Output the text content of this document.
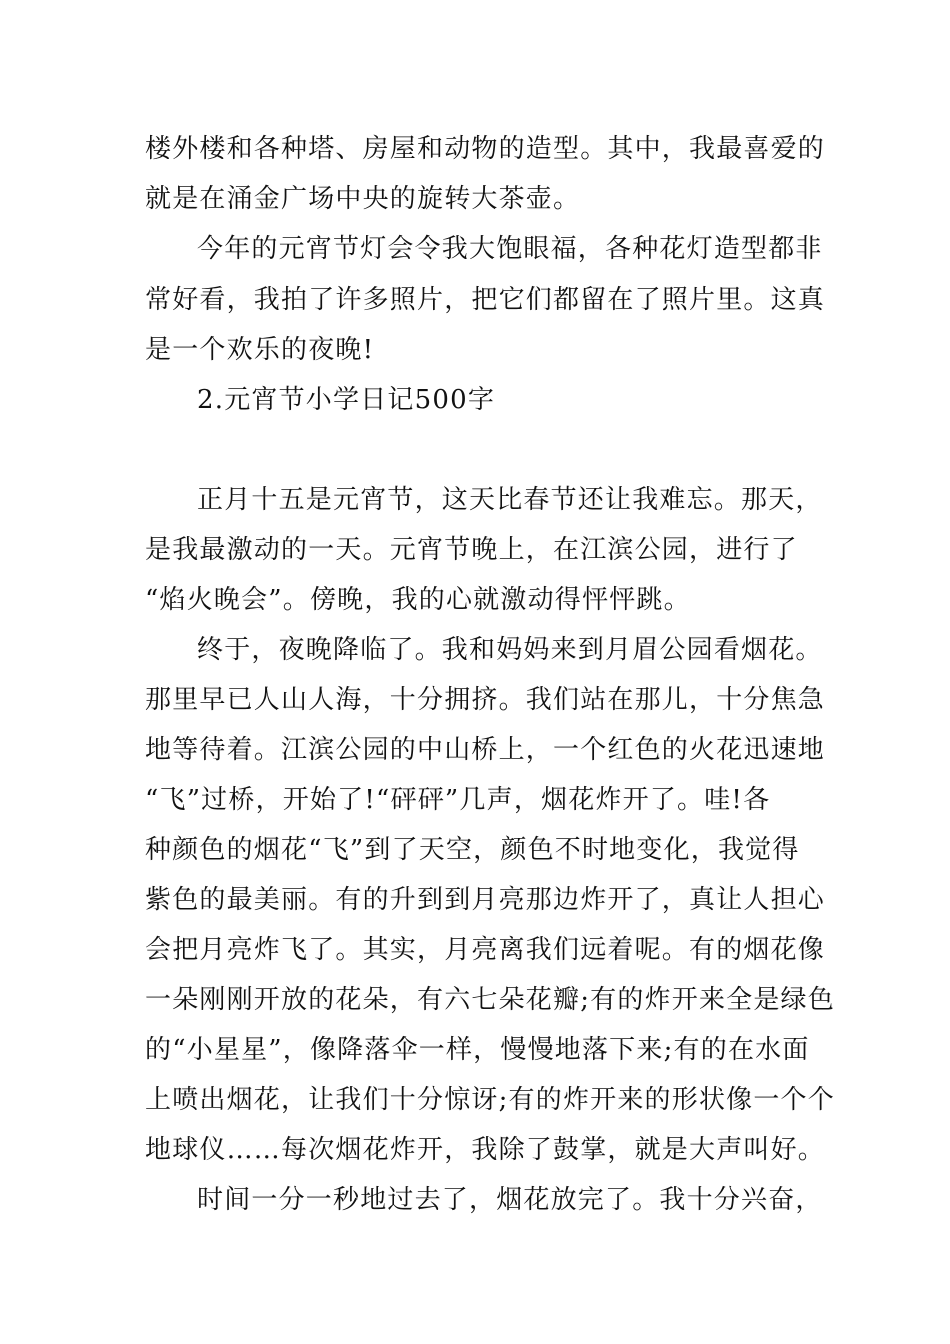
楼外楼和各种塔、房屋和动物的造型。其中，我最喜爱的
就是在涌金广场中央的旋转大茶壶。
今年的元宵节灯会令我大饱眼福，各种花灯造型都非
常好看，我拍了许多照片，把它们都留在了照片里。这真
是一个欢乐的夜晚!
2.元宵节小学日记500字
正月十五是元宵节，这天比春节还让我难忘。那天，
是我最激动的一天。元宵节晚上，在江滨公园，进行了
“焰火晚会”。傍晚，我的心就激动得怦怦跳。
终于，夜晚降临了。我和妈妈来到月眉公园看烟花。
那里早已人山人海，十分拥挤。我们站在那儿，十分焦急
地等待着。江滨公园的中山桥上，一个红色的火花迅速地
“飞”过桥，开始了!“砰砰”几声，烟花炸开了。哇!各
种颜色的烟花“飞”到了天空，颜色不时地变化，我觉得
紫色的最美丽。有的升到到月亮那边炸开了，真让人担心
会把月亮炸飞了。其实，月亮离我们远着呢。有的烟花像
一朵刚刚开放的花朵，有六七朵花瓣;有的炸开来全是绿色
的“小星星”，像降落伞一样，慢慢地落下来;有的在水面
上喷出烟花，让我们十分惊讶;有的炸开来的形状像一个个
地球仪……每次烟花炸开，我除了鼓掌，就是大声叫好。
时间一分一秒地过去了，烟花放完了。我十分兴奋，
